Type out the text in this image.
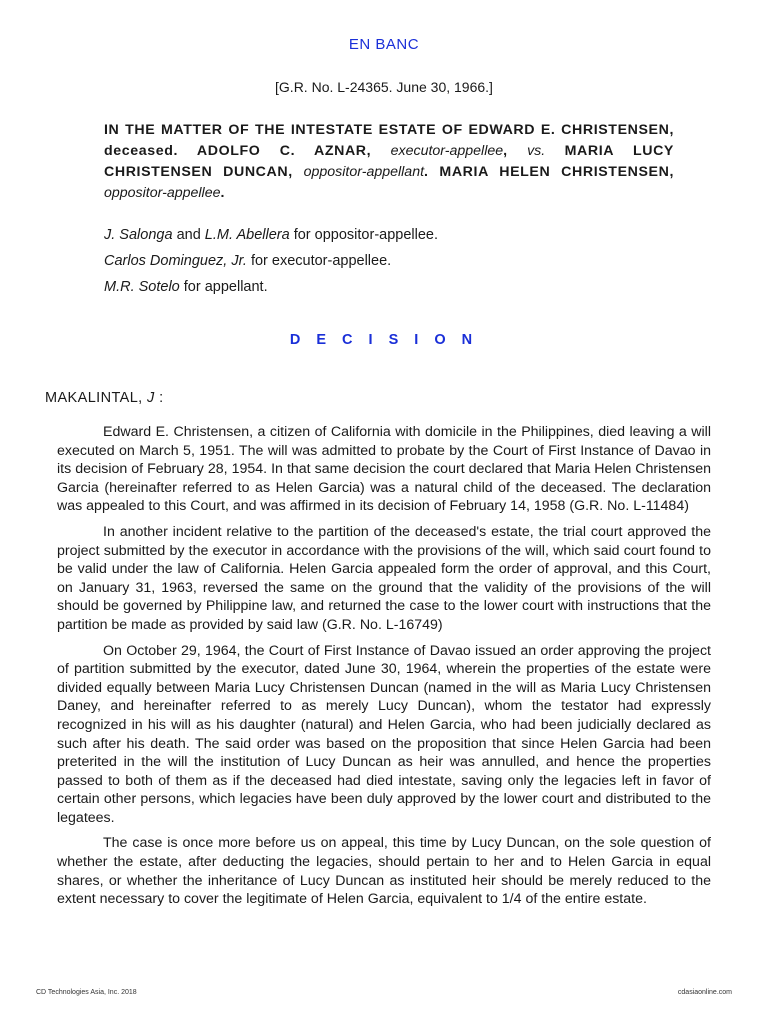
EN BANC
[G.R. No. L-24365. June 30, 1966.]
IN THE MATTER OF THE INTESTATE ESTATE OF EDWARD E. CHRISTENSEN, deceased. ADOLFO C. AZNAR, executor-appellee, vs. MARIA LUCY CHRISTENSEN DUNCAN, oppositor-appellant. MARIA HELEN CHRISTENSEN, oppositor-appellee.
J. Salonga and L.M. Abellera for oppositor-appellee.
Carlos Dominguez, Jr. for executor-appellee.
M.R. Sotelo for appellant.
D E C I S I O N
MAKALINTAL, J :

Edward E. Christensen, a citizen of California with domicile in the Philippines, died leaving a will executed on March 5, 1951. The will was admitted to probate by the Court of First Instance of Davao in its decision of February 28, 1954. In that same decision the court declared that Maria Helen Christensen Garcia (hereinafter referred to as Helen Garcia) was a natural child of the deceased. The declaration was appealed to this Court, and was affirmed in its decision of February 14, 1958 (G.R. No. L-11484)

In another incident relative to the partition of the deceased's estate, the trial court approved the project submitted by the executor in accordance with the provisions of the will, which said court found to be valid under the law of California. Helen Garcia appealed form the order of approval, and this Court, on January 31, 1963, reversed the same on the ground that the validity of the provisions of the will should be governed by Philippine law, and returned the case to the lower court with instructions that the partition be made as provided by said law (G.R. No. L-16749)

On October 29, 1964, the Court of First Instance of Davao issued an order approving the project of partition submitted by the executor, dated June 30, 1964, wherein the properties of the estate were divided equally between Maria Lucy Christensen Duncan (named in the will as Maria Lucy Christensen Daney, and hereinafter referred to as merely Lucy Duncan), whom the testator had expressly recognized in his will as his daughter (natural) and Helen Garcia, who had been judicially declared as such after his death. The said order was based on the proposition that since Helen Garcia had been preterited in the will the institution of Lucy Duncan as heir was annulled, and hence the properties passed to both of them as if the deceased had died intestate, saving only the legacies left in favor of certain other persons, which legacies have been duly approved by the lower court and distributed to the legatees.

The case is once more before us on appeal, this time by Lucy Duncan, on the sole question of whether the estate, after deducting the legacies, should pertain to her and to Helen Garcia in equal shares, or whether the inheritance of Lucy Duncan as instituted heir should be merely reduced to the extent necessary to cover the legitimate of Helen Garcia, equivalent to 1/4 of the entire estate.

CD Technologies Asia, Inc. 2018	cdasiaonline.com
